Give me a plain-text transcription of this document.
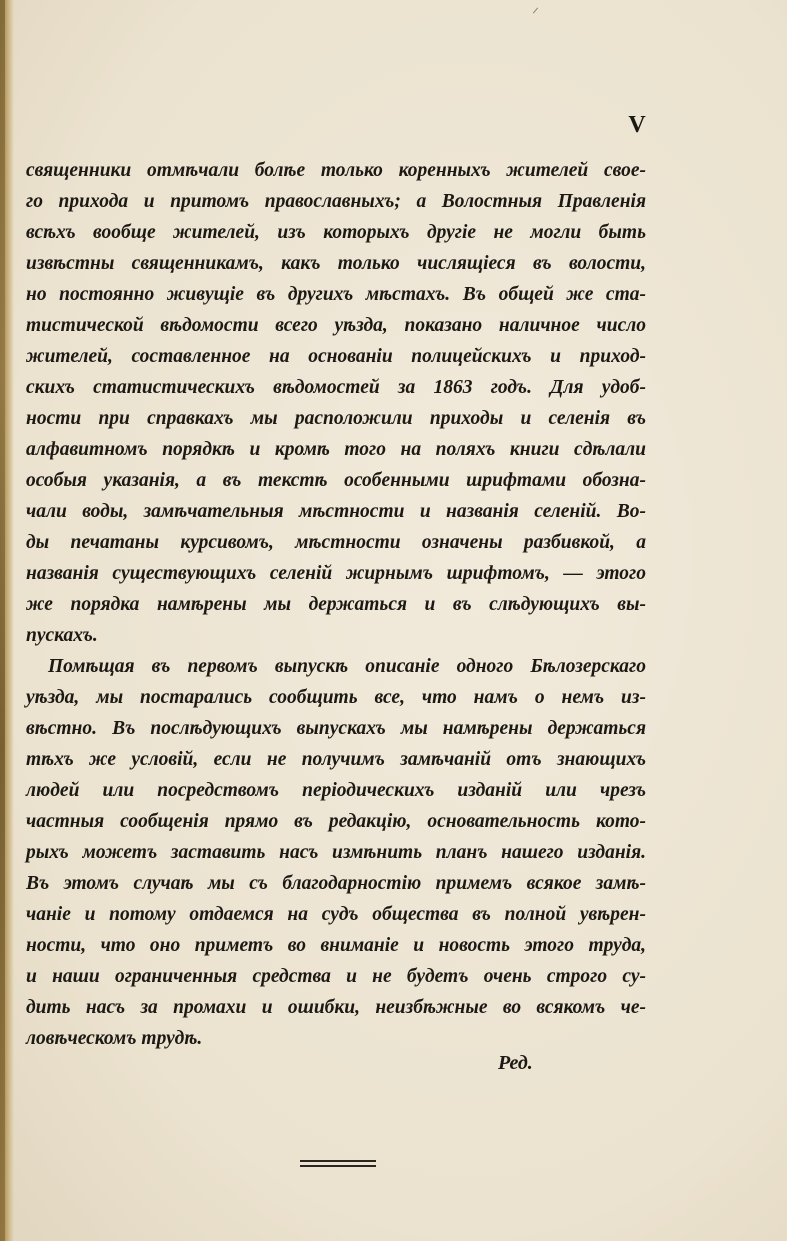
V
священники отмѣчали болѣе только коренныхъ жителей свое-
го прихода и притомъ православныхъ; а Волостныя Правленія
всѣхъ вообще жителей, изъ которыхъ другіе не могли быть
извѣстны священникамъ, какъ только числящіеся въ волости,
но постоянно живущіе въ другихъ мѣстахъ. Въ общей же ста-
тистической вѣдомости всего уѣзда, показано наличное число
жителей, составленное на основаніи полицейскихъ и приход-
скихъ статистическихъ вѣдомостей за 1863 годъ. Для удоб-
ности при справкахъ мы расположили приходы и селенія въ
алфавитномъ порядкѣ и кромѣ того на поляхъ книги сдѣлали
особыя указанія, а въ текстѣ особенными шрифтами обозна-
чали воды, замѣчательныя мѣстности и названія селеній. Во-
ды печатаны курсивомъ, мѣстности означены разбивкой, а
названія существующихъ селеній жирнымъ шрифтомъ, — этого
же порядка намѣрены мы держаться и въ слѣдующихъ вы-
пускахъ.
Помѣщая въ первомъ выпускѣ описаніе одного Бѣлозерскаго
уѣзда, мы постарались сообщить все, что намъ о немъ из-
вѣстно. Въ послѣдующихъ выпускахъ мы намѣрены держаться
тѣхъ же условій, если не получимъ замѣчаній отъ знающихъ
людей или посредствомъ періодическихъ изданій или чрезъ
частныя сообщенія прямо въ редакцію, основательность кото-
рыхъ можетъ заставить насъ измѣнить планъ нашего изданія.
Въ этомъ случаѣ мы съ благодарностію примемъ всякое замѣ-
чаніе и потому отдаемся на судъ общества въ полной увѣрен-
ности, что оно приметъ во вниманіе и новость этого труда,
и наши ограниченныя средства и не будетъ очень строго су-
дить насъ за промахи и ошибки, неизбѣжные во всякомъ че-
ловѣческомъ трудѣ.
Ред.
